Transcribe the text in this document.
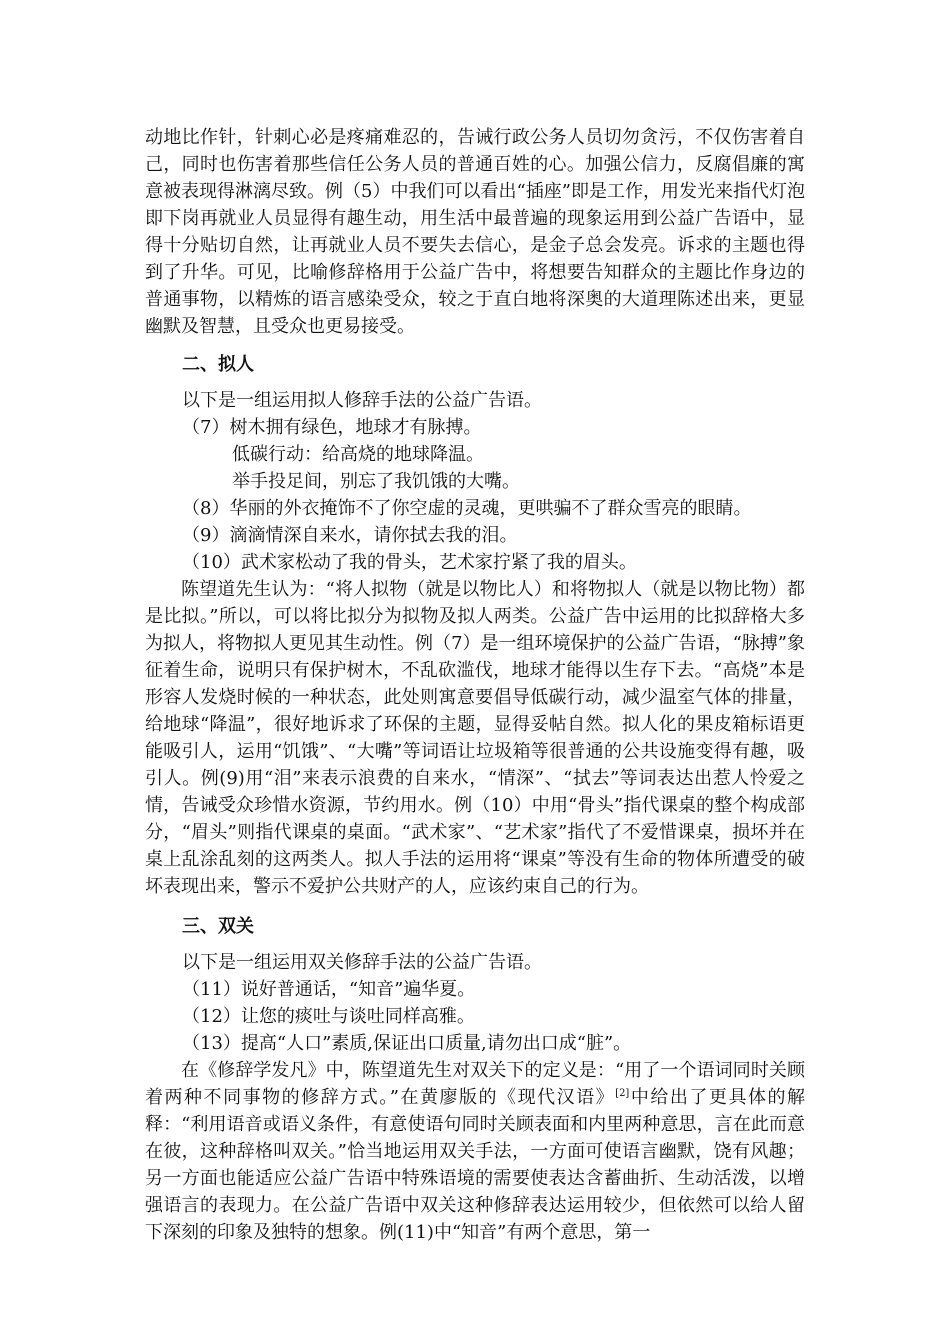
动地比作针，针刺心必是疼痛难忍的，告诫行政公务人员切勿贪污，不仅伤害着自己，同时也伤害着那些信任公务人员的普通百姓的心。加强公信力，反腐倡廉的寓意被表现得淋漓尽致。例（5）中我们可以看出“插座”即是工作，用发光来指代灯泡即下岗再就业人员显得有趣生动，用生活中最普遍的现象运用到公益广告语中，显得十分贴切自然，让再就业人员不要失去信心，是金子总会发亮。诉求的主题也得到了升华。可见，比喻修辞格用于公益广告中，将想要告知群众的主题比作身边的普通事物，以精炼的语言感染受众，较之于直白地将深奥的大道理陈述出来，更显幽默及智慧，且受众也更易接受。

二、拟人

以下是一组运用拟人修辞手法的公益广告语。

（7）树木拥有绿色，地球才有脉搏。

低碳行动：给高烧的地球降温。

举手投足间，别忘了我饥饿的大嘴。

（8）华丽的外衣掩饰不了你空虚的灵魂，更哄骗不了群众雪亮的眼睛。

（9）滴滴情深自来水，请你拭去我的泪。

（10）武术家松动了我的骨头，艺术家拧紧了我的眉头。

陈望道先生认为：“将人拟物（就是以物比人）和将物拟人（就是以物比物）都是比拟。”所以，可以将比拟分为拟物及拟人两类。公益广告中运用的比拟辞格大多为拟人，将物拟人更见其生动性。例（7）是一组环境保护的公益广告语，“脉搏”象征着生命，说明只有保护树木，不乱砍滥伐，地球才能得以生存下去。“高烧”本是形容人发烧时候的一种状态，此处则寓意要倡导低碳行动，减少温室气体的排量，给地球“降温”，很好地诉求了环保的主题，显得妥帖自然。拟人化的果皮箱标语更能吸引人，运用“饥饿”、“大嘴”等词语让垃圾箱等很普通的公共设施变得有趣，吸引人。例(9)用“泪”来表示浪费的自来水，“情深”、“拭去”等词表达出惹人怜爱之情，告诫受众珍惜水资源，节约用水。例（10）中用“骨头”指代课桌的整个构成部分，“眉头”则指代课桌的桌面。“武术家”、“艺术家”指代了不爱惜课桌，损坏并在桌上乱涂乱刻的这两类人。拟人手法的运用将“课桌”等没有生命的物体所遭受的破坏表现出来，警示不爱护公共财产的人，应该约束自己的行为。

三、双关

以下是一组运用双关修辞手法的公益广告语。

（11）说好普通话，“知音”遍华夏。

（12）让您的痰吐与谈吐同样高雅。

（13）提高“人口”素质,保证出口质量,请勿出口成“脏”。

在《修辞学发凡》中，陈望道先生对双关下的定义是：“用了一个语词同时关顾着两种不同事物的修辞方式。”在黄廖版的《现代汉语》[2]中给出了更具体的解释：“利用语音或语义条件，有意使语句同时关顾表面和内里两种意思，言在此而意在彼，这种辞格叫双关。”恰当地运用双关手法，一方面可使语言幽默，饶有风趣；另一方面也能适应公益广告语中特殊语境的需要使表达含蓄曲折、生动活泼，以增强语言的表现力。在公益广告语中双关这种修辞表达运用较少，但依然可以给人留下深刻的印象及独特的想象。例(11)中“知音”有两个意思，第一
